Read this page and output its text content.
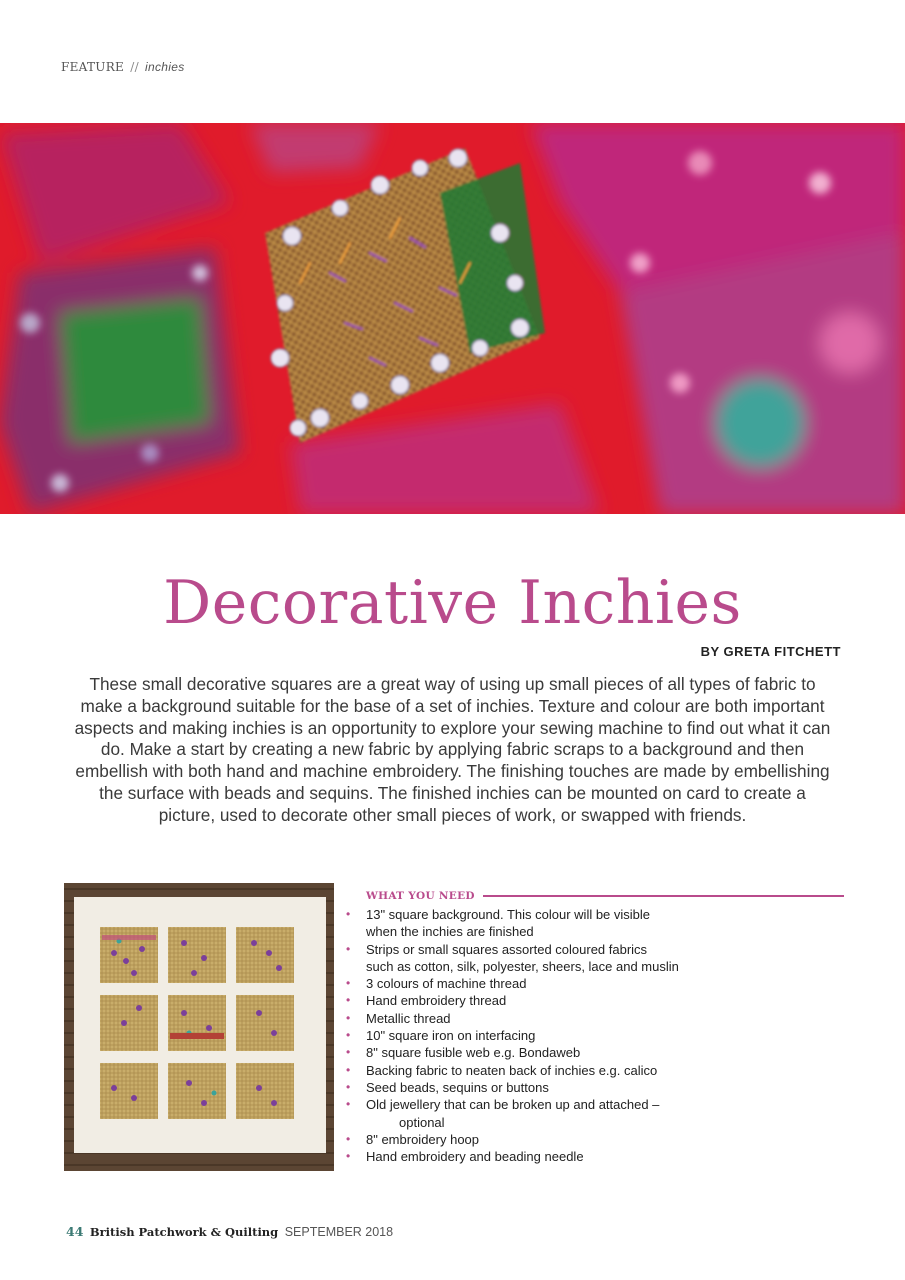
FEATURE // inchies
Decorative Inchies
BY GRETA FITCHETT
These small decorative squares are a great way of using up small pieces of all types of fabric to make a background suitable for the base of a set of inchies. Texture and colour are both important aspects and making inchies is an opportunity to explore your sewing machine to find out what it can do. Make a start by creating a new fabric by applying fabric scraps to a background and then embellish with both hand and machine embroidery. The finishing touches are made by embellishing the surface with beads and sequins. The finished inchies can be mounted on card to create a picture, used to decorate other small pieces of work, or swapped with friends.
WHAT YOU NEED
• 13" square background. This colour will be visible
when the inchies are finished
• Strips or small squares assorted coloured fabrics
such as cotton, silk, polyester, sheers, lace and muslin
• 3 colours of machine thread
• Hand embroidery thread
• Metallic thread
• 10" square iron on interfacing
• 8" square fusible web e.g. Bondaweb
• Backing fabric to neaten back of inchies e.g. calico
• Seed beads, sequins or buttons
• Old jewellery that can be broken up and attached –
optional
• 8" embroidery hoop
• Hand embroidery and beading needle
44 British Patchwork & Quilting SEPTEMBER 2018
